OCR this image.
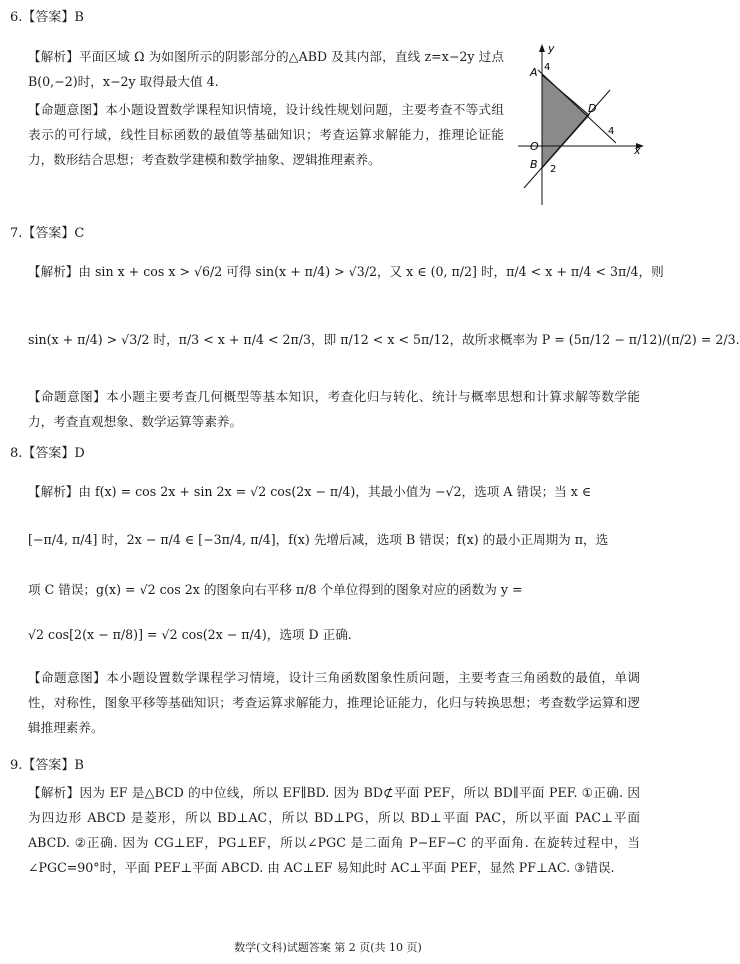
6.【答案】B
【解析】平面区域 Ω 为如图所示的阴影部分的△ABD 及其内部，直线 z=x−2y 过点 B(0,−2)时，x−2y 取得最大值 4.
【命题意图】本小题设置数学课程知识情境，设计线性规划问题，主要考查不等式组表示的可行域，线性目标函数的最值等基础知识；考查运算求解能力，推理论证能力，数形结合思想；考查数学建模和数学抽象、逻辑推理素养。
y
x
A 4
D
4
O
B 2
7.【答案】C
【解析】由 sin x + cos x > √6/2 可得 sin(x + π/4) > √3/2，又 x ∈ (0, π/2] 时，π/4 < x + π/4 < 3π/4，则
sin(x + π/4) > √3/2 时，π/3 < x + π/4 < 2π/3，即 π/12 < x < 5π/12，故所求概率为 P = (5π/12 − π/12)/(π/2) = 2/3.
【命题意图】本小题主要考查几何概型等基本知识，考查化归与转化、统计与概率思想和计算求解等数学能力，考查直观想象、数学运算等素养。
8.【答案】D
【解析】由 f(x) = cos 2x + sin 2x = √2 cos(2x − π/4)，其最小值为 −√2，选项 A 错误；当 x ∈
[−π/4, π/4] 时，2x − π/4 ∈ [−3π/4, π/4]，f(x) 先增后减，选项 B 错误；f(x) 的最小正周期为 π，选
项 C 错误；g(x) = √2 cos 2x 的图象向右平移 π/8 个单位得到的图象对应的函数为 y =
√2 cos[2(x − π/8)] = √2 cos(2x − π/4)，选项 D 正确.
【命题意图】本小题设置数学课程学习情境，设计三角函数图象性质问题，主要考查三角函数的最值，单调性，对称性，图象平移等基础知识；考查运算求解能力，推理论证能力，化归与转换思想；考查数学运算和逻辑推理素养。
9.【答案】B
【解析】因为 EF 是△BCD 的中位线，所以 EF∥BD. 因为 BD⊄平面 PEF，所以 BD∥平面 PEF. ①正确. 因为四边形 ABCD 是菱形，所以 BD⊥AC，所以 BD⊥PG，所以 BD⊥平面 PAC，所以平面 PAC⊥平面 ABCD. ②正确. 因为 CG⊥EF，PG⊥EF，所以∠PGC 是二面角 P−EF−C 的平面角. 在旋转过程中，当∠PGC=90°时，平面 PEF⊥平面 ABCD. 由 AC⊥EF 易知此时 AC⊥平面 PEF，显然 PF⊥AC. ③错误.
数学(文科)试题答案 第 2 页(共 10 页)
